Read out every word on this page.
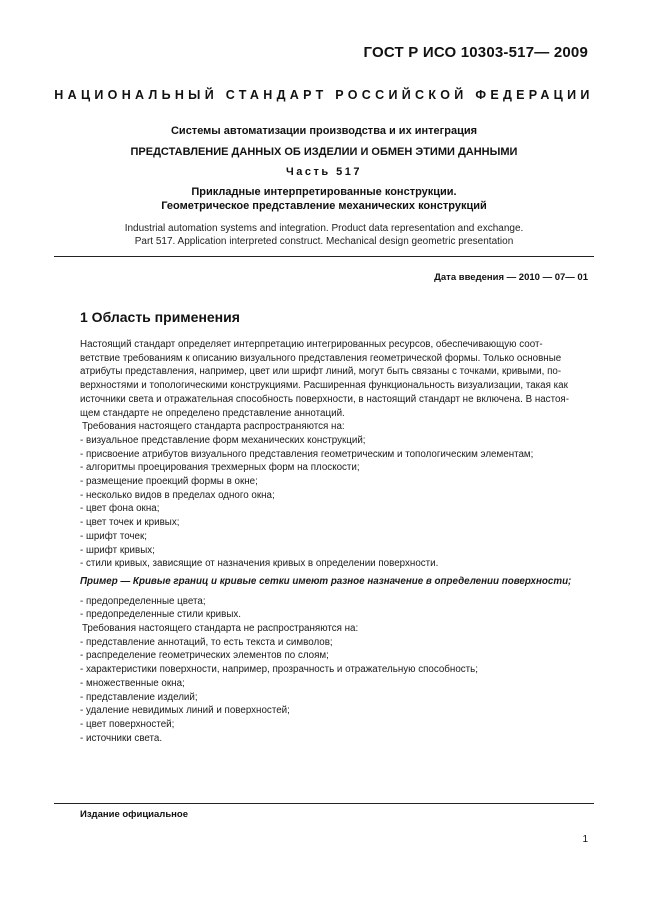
ГОСТ Р ИСО 10303-517— 2009
НАЦИОНАЛЬНЫЙ СТАНДАРТ РОССИЙСКОЙ ФЕДЕРАЦИИ
Системы автоматизации производства и их интеграция
ПРЕДСТАВЛЕНИЕ ДАННЫХ ОБ ИЗДЕЛИИ И ОБМЕН ЭТИМИ ДАННЫМИ
Часть 517
Прикладные интерпретированные конструкции.
Геометрическое представление механических конструкций
Industrial automation systems and integration. Product data representation and exchange.
Part 517. Application interpreted construct. Mechanical design geometric presentation
Дата введения — 2010 — 07— 01
1 Область применения

Настоящий стандарт определяет интерпретацию интегрированных ресурсов, обеспечивающую соот-

ветствие требованиям к описанию визуального представления геометрической формы. Только основные

атрибуты представления, например, цвет или шрифт линий, могут быть связаны с точками, кривыми, по-

верхностями и топологическими конструкциями. Расширенная функциональность визуализации, такая как

источники света и отражательная способность поверхности, в настоящий стандарт не включена. В настоя-

щем стандарте не определено представление аннотаций.

Требования настоящего стандарта распространяются на:

- визуальное представление форм механических конструкций;

- присвоение атрибутов визуального представления геометрическим и топологическим элементам;

- алгоритмы проецирования трехмерных форм на плоскости;

- размещение проекций формы в окне;

- несколько видов в пределах одного окна;

- цвет фона окна;

- цвет точек и кривых;

- шрифт точек;

- шрифт кривых;

- стили кривых, зависящие от назначения кривых в определении поверхности.

Пример — Кривые границ и кривые сетки имеют разное назначение в определении поверхности;

- предопределенные цвета;

- предопределенные стили кривых.

Требования настоящего стандарта не распространяются на:

- представление аннотаций, то есть текста и символов;

- распределение геометрических элементов по слоям;

- характеристики поверхности, например, прозрачность и отражательную способность;

- множественные окна;

- представление изделий;

- удаление невидимых линий и поверхностей;

- цвет поверхностей;

- источники света.

Издание официальное
1
